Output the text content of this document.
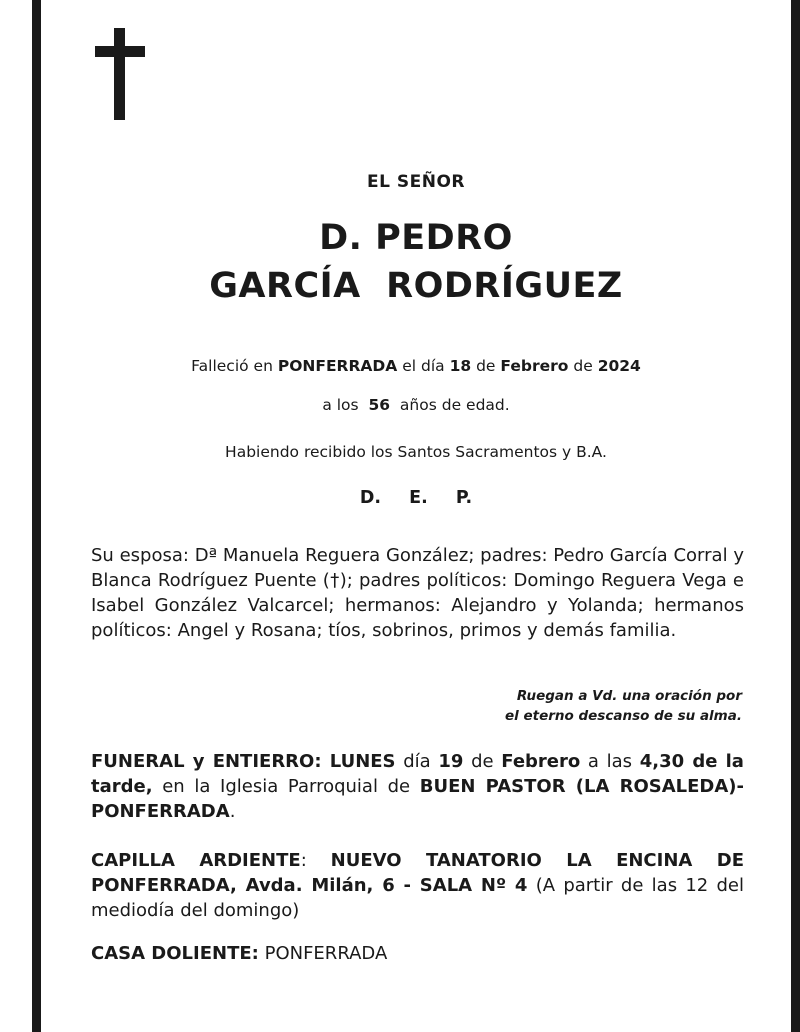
EL SEÑOR
D. PEDRO
GARCÍA  RODRÍGUEZ
Falleció en PONFERRADA el día 18 de Febrero de 2024
a los 56 años de edad.
Habiendo recibido los Santos Sacramentos y B.A.
D. E. P.
Su esposa: Dª Manuela Reguera González; padres: Pedro García Corral y Blanca Rodríguez Puente (†); padres políticos: Domingo Reguera Vega e Isabel González Valcarcel; hermanos: Alejandro y Yolanda; hermanos políticos: Angel y Rosana; tíos, sobrinos, primos y demás familia.
Ruegan a Vd. una oración por
el eterno descanso de su alma.
FUNERAL y ENTIERRO: LUNES día 19 de Febrero a las 4,30 de la tarde, en la Iglesia Parroquial de BUEN PASTOR (LA ROSALEDA)-PONFERRADA.
CAPILLA ARDIENTE: NUEVO TANATORIO LA ENCINA DE PONFERRADA, Avda. Milán, 6 - SALA Nº 4 (A partir de las 12 del mediodía del domingo)
CASA DOLIENTE: PONFERRADA
